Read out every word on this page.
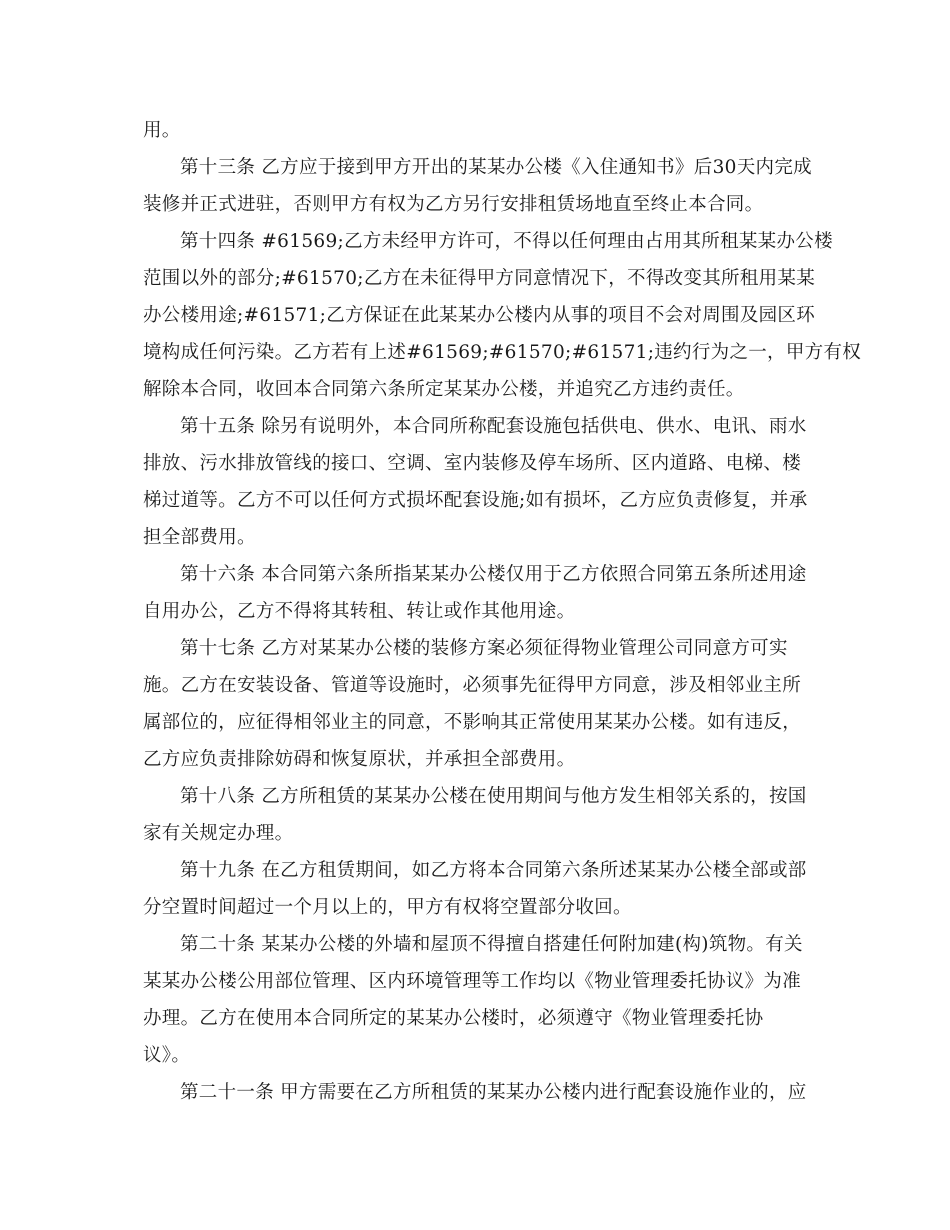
用。
第十三条 乙方应于接到甲方开出的某某办公楼《入住通知书》后30天内完成
装修并正式进驻，否则甲方有权为乙方另行安排租赁场地直至终止本合同。
第十四条 #61569;乙方未经甲方许可，不得以任何理由占用其所租某某办公楼
范围以外的部分;#61570;乙方在未征得甲方同意情况下，不得改变其所租用某某
办公楼用途;#61571;乙方保证在此某某办公楼内从事的项目不会对周围及园区环
境构成任何污染。乙方若有上述#61569;#61570;#61571;违约行为之一，甲方有权
解除本合同，收回本合同第六条所定某某办公楼，并追究乙方违约责任。
第十五条 除另有说明外，本合同所称配套设施包括供电、供水、电讯、雨水
排放、污水排放管线的接口、空调、室内装修及停车场所、区内道路、电梯、楼
梯过道等。乙方不可以任何方式损坏配套设施;如有损坏，乙方应负责修复，并承
担全部费用。
第十六条 本合同第六条所指某某办公楼仅用于乙方依照合同第五条所述用途
自用办公，乙方不得将其转租、转让或作其他用途。
第十七条 乙方对某某办公楼的装修方案必须征得物业管理公司同意方可实
施。乙方在安装设备、管道等设施时，必须事先征得甲方同意，涉及相邻业主所
属部位的，应征得相邻业主的同意，不影响其正常使用某某办公楼。如有违反，
乙方应负责排除妨碍和恢复原状，并承担全部费用。
第十八条 乙方所租赁的某某办公楼在使用期间与他方发生相邻关系的，按国
家有关规定办理。
第十九条 在乙方租赁期间，如乙方将本合同第六条所述某某办公楼全部或部
分空置时间超过一个月以上的，甲方有权将空置部分收回。
第二十条 某某办公楼的外墙和屋顶不得擅自搭建任何附加建(构)筑物。有关
某某办公楼公用部位管理、区内环境管理等工作均以《物业管理委托协议》为准
办理。乙方在使用本合同所定的某某办公楼时，必须遵守《物业管理委托协
议》。
第二十一条 甲方需要在乙方所租赁的某某办公楼内进行配套设施作业的，应
